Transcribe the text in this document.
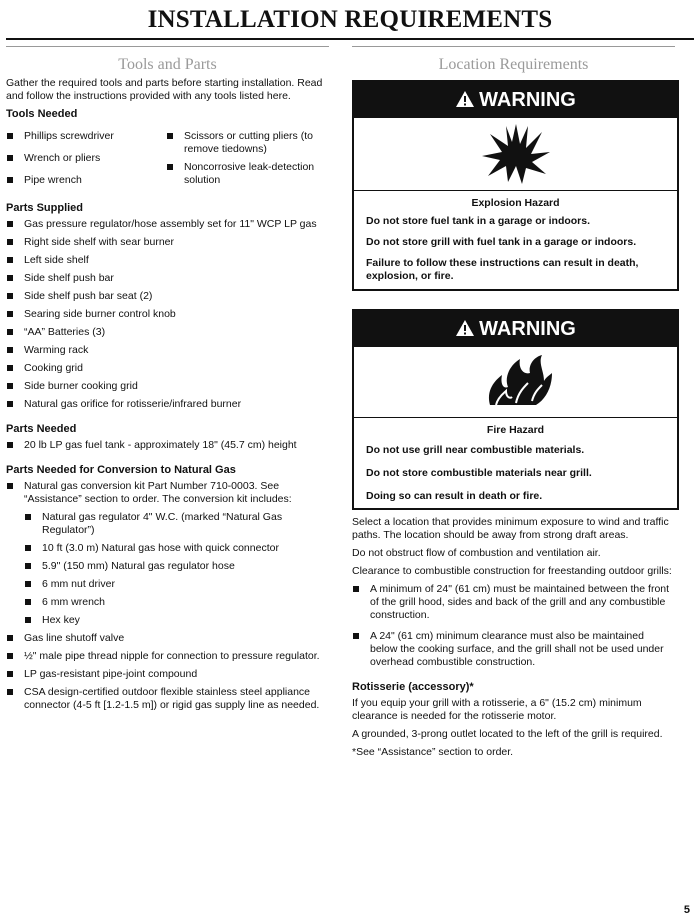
INSTALLATION REQUIREMENTS
Tools and Parts

Gather the required tools and parts before starting installation. Read and follow the instructions provided with any tools listed here.

Tools Needed
Phillips screwdriver
Wrench or pliers
Pipe wrench
Scissors or cutting pliers (to remove tiedowns)
Noncorrosive leak-detection solution
Parts Supplied
Gas pressure regulator/hose assembly set for 11" WCP LP gas
Right side shelf with sear burner
Left side shelf
Side shelf push bar
Side shelf push bar seat (2)
Searing side burner control knob
“AA” Batteries (3)
Warming rack
Cooking grid
Side burner cooking grid
Natural gas orifice for rotisserie/infrared burner
Parts Needed
20 lb LP gas fuel tank - approximately 18" (45.7 cm) height
Parts Needed for Conversion to Natural Gas
Natural gas conversion kit Part Number 710-0003. See “Assistance” section to order. The conversion kit includes:
Natural gas regulator 4" W.C. (marked “Natural Gas Regulator”)
10 ft (3.0 m) Natural gas hose with quick connector
5.9" (150 mm) Natural gas regulator hose
6 mm nut driver
6 mm wrench
Hex key
Gas line shutoff valve
½" male pipe thread nipple for connection to pressure regulator.
LP gas-resistant pipe-joint compound
CSA design-certified outdoor flexible stainless steel appliance connector (4-5 ft [1.2-1.5 m]) or rigid gas supply line as needed.
Location Requirements
WARNING
Explosion Hazard
Do not store fuel tank in a garage or indoors.
Do not store grill with fuel tank in a garage or indoors.
Failure to follow these instructions can result in death, explosion, or fire.
WARNING
Fire Hazard
Do not use grill near combustible materials.
Do not store combustible materials near grill.
Doing so can result in death or fire.

Select a location that provides minimum exposure to wind and traffic paths. The location should be away from strong draft areas.

Do not obstruct flow of combustion and ventilation air.

Clearance to combustible construction for freestanding outdoor grills:

A minimum of 24" (61 cm) must be maintained between the front of the grill hood, sides and back of the grill and any combustible construction.
A 24" (61 cm) minimum clearance must also be maintained below the cooking surface, and the grill shall not be used under overhead combustible construction.
Rotisserie (accessory)*

If you equip your grill with a rotisserie, a 6" (15.2 cm) minimum clearance is needed for the rotisserie motor.

A grounded, 3-prong outlet located to the left of the grill is required.

*See “Assistance” section to order.

5
